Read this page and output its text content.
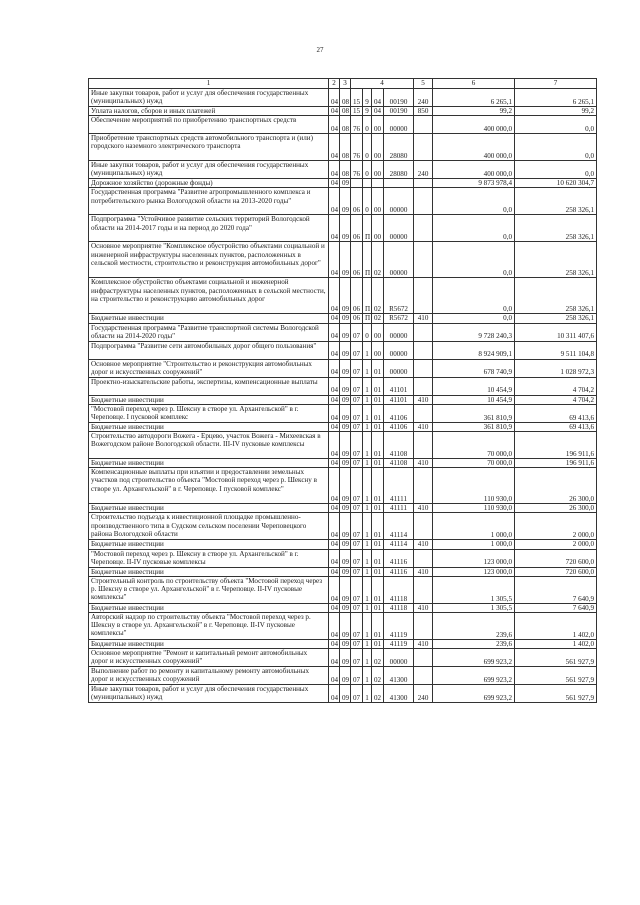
27
1	2	3	4				5	6	7
Иные закупки товаров, работ и услуг для обеспечения государственных (муниципальных) нужд	04	08	15	9	04	00190	240	6 265,1	6 265,1
Уплата налогов, сборов и иных платежей	04	08	15	9	04	00190	850	99,2	99,2
Обеспечение мероприятий по приобретению транспортных средств	04	08	76	0	00	00000		400 000,0	0,0
Приобретение транспортных средств автомобильного транспорта и (или) городского наземного электрического транспорта	04	08	76	0	00	28080		400 000,0	0,0
Иные закупки товаров, работ и услуг для обеспечения государственных (муниципальных) нужд	04	08	76	0	00	28080	240	400 000,0	0,0
Дорожное хозяйство (дорожные фонды)	04	09						9 873 978,4	10 620 304,7
Государственная программа "Развитие агропромышленного комплекса и потребительского рынка Вологодской области на 2013-2020 годы"	04	09	06	0	00	00000		0,0	258 326,1
Подпрограмма "Устойчивое развитие сельских территорий Вологодской области на 2014-2017 годы и на период до 2020 года"	04	09	06	П	00	00000		0,0	258 326,1
Основное мероприятие "Комплексное обустройство объектами социальной и инженерной инфраструктуры населенных пунктов, расположенных в сельской местности, строительство и реконструкция автомобильных дорог"	04	09	06	П	02	00000		0,0	258 326,1
Комплексное обустройство объектами социальной и инженерной инфраструктуры населенных пунктов, расположенных в сельской местности, на строительство и реконструкцию автомобильных дорог	04	09	06	П	02	R5672		0,0	258 326,1
Бюджетные инвестиции	04	09	06	П	02	R5672	410	0,0	258 326,1
Государственная программа "Развитие транспортной системы Вологодской области на 2014-2020 годы"	04	09	07	0	00	00000		9 728 240,3	10 311 407,6
Подпрограмма "Развитие сети автомобильных дорог общего пользования"	04	09	07	1	00	00000		8 924 909,1	9 511 104,8
Основное мероприятие "Строительство и реконструкция автомобильных дорог и искусственных сооружений"	04	09	07	1	01	00000		678 740,9	1 028 972,3
Проектно-изыскательские работы, экспертизы, компенсационные выплаты	04	09	07	1	01	41101		10 454,9	4 704,2
Бюджетные инвестиции	04	09	07	1	01	41101	410	10 454,9	4 704,2
"Мостовой переход через р. Шексну в створе ул. Архангельской" в г. Череповце. I пусковой комплекс	04	09	07	1	01	41106		361 810,9	69 413,6
Бюджетные инвестиции	04	09	07	1	01	41106	410	361 810,9	69 413,6
Строительство автодороги Вожега - Ерцево, участок Вожега - Михеевская в Вожегодском районе Вологодской области. III-IV пусковые комплексы	04	09	07	1	01	41108		70 000,0	196 911,6
Бюджетные инвестиции	04	09	07	1	01	41108	410	70 000,0	196 911,6
Компенсационные выплаты при изъятии и предоставлении земельных участков под строительство объекта "Мостовой переход через р. Шексну в створе ул. Архангельской" в г. Череповце. I пусковой комплекс"	04	09	07	1	01	41111		110 930,0	26 300,0
Бюджетные инвестиции	04	09	07	1	01	41111	410	110 930,0	26 300,0
Строительство подъезда к инвестиционной площадке промышленно-производственного типа в Судском сельском поселении Череповецкого района Вологодской области	04	09	07	1	01	41114		1 000,0	2 000,0
Бюджетные инвестиции	04	09	07	1	01	41114	410	1 000,0	2 000,0
"Мостовой переход через р. Шексну в створе ул. Архангельской" в г. Череповце. II-IV пусковые комплексы	04	09	07	1	01	41116		123 000,0	720 600,0
Бюджетные инвестиции	04	09	07	1	01	41116	410	123 000,0	720 600,0
Строительный контроль по строительству объекта "Мостовой переход через р. Шексну в створе ул. Архангельской" в г. Череповце. II-IV пусковые комплексы"	04	09	07	1	01	41118		1 305,5	7 640,9
Бюджетные инвестиции	04	09	07	1	01	41118	410	1 305,5	7 640,9
Авторский надзор по строительству объекта "Мостовой переход через р. Шексну в створе ул. Архангельской" в г. Череповце. II-IV пусковые комплексы"	04	09	07	1	01	41119		239,6	1 402,0
Бюджетные инвестиции	04	09	07	1	01	41119	410	239,6	1 402,0
Основное мероприятие "Ремонт и капитальный ремонт автомобильных дорог и искусственных сооружений"	04	09	07	1	02	00000		699 923,2	561 927,9
Выполнение работ по ремонту и капитальному ремонту автомобильных дорог и искусственных сооружений	04	09	07	1	02	41300		699 923,2	561 927,9
Иные закупки товаров, работ и услуг для обеспечения государственных (муниципальных) нужд	04	09	07	1	02	41300	240	699 923,2	561 927,9
